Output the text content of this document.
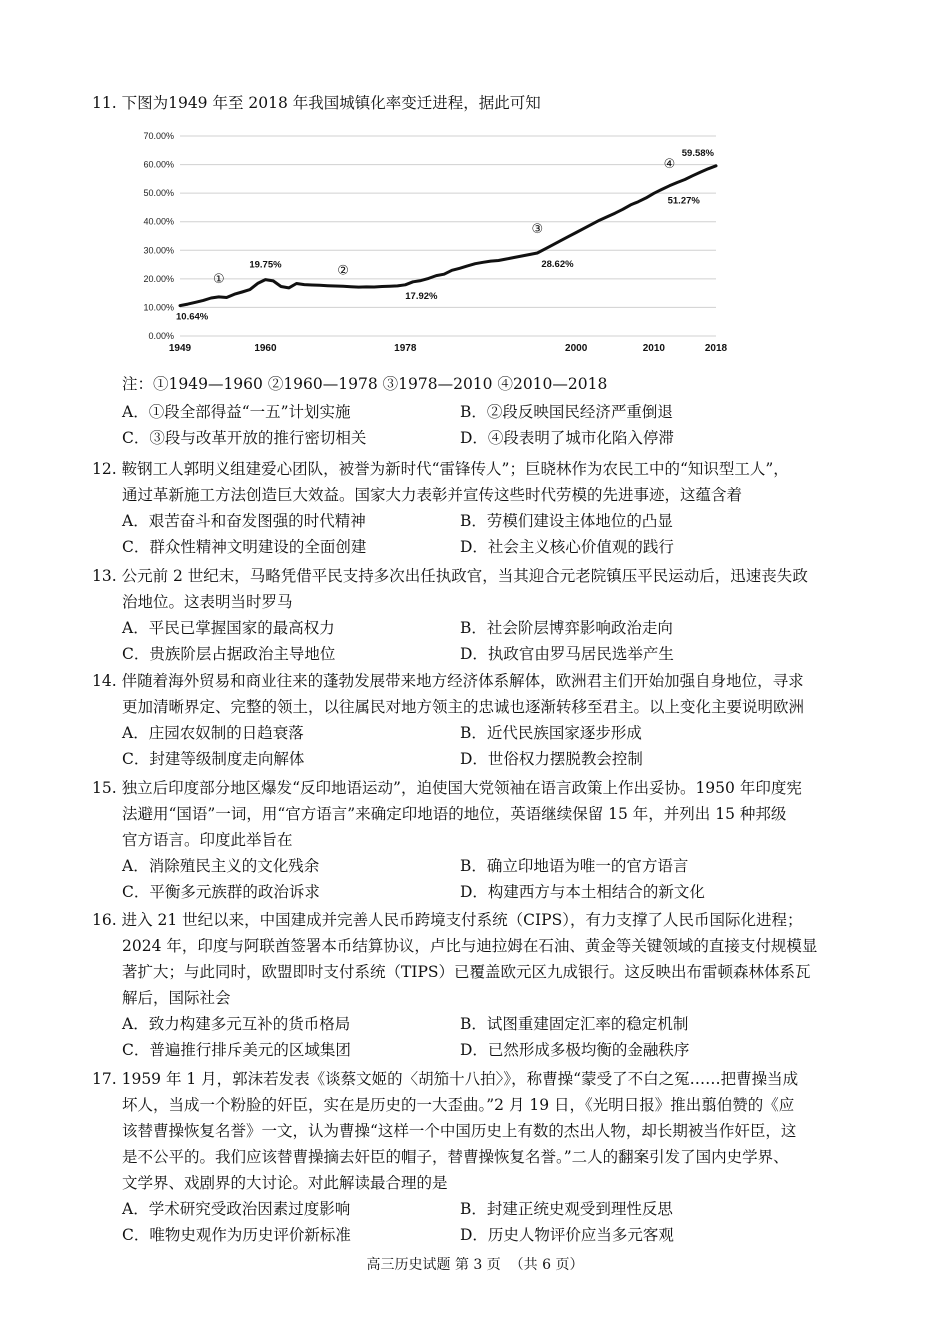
11. 下图为1949 年至 2018 年我国城镇化率变迁进程，据此可知
0.00%
10.00%
20.00%
30.00%
40.00%
50.00%
60.00%
70.00%
1949	1960	1978	2000	2010	2018
10.64%
19.75%
17.92%
28.62%
51.27%
59.58%
①
②
③
④
注：①1949—1960 ②1960—1978 ③1978—2010 ④2010—2018
A．①段全部得益“一五”计划实施	B．②段反映国民经济严重倒退
C．③段与改革开放的推行密切相关	D．④段表明了城市化陷入停滞
12. 鞍钢工人郭明义组建爱心团队，被誉为新时代“雷锋传人”；巨晓林作为农民工中的“知识型工人”，
通过革新施工方法创造巨大效益。国家大力表彰并宣传这些时代劳模的先进事迹，这蕴含着
A．艰苦奋斗和奋发图强的时代精神	B．劳模们建设主体地位的凸显
C．群众性精神文明建设的全面创建	D．社会主义核心价值观的践行
13. 公元前 2 世纪末，马略凭借平民支持多次出任执政官，当其迎合元老院镇压平民运动后，迅速丧失政
治地位。这表明当时罗马
A．平民已掌握国家的最高权力	B．社会阶层博弈影响政治走向
C．贵族阶层占据政治主导地位	D．执政官由罗马居民选举产生
14. 伴随着海外贸易和商业往来的蓬勃发展带来地方经济体系解体，欧洲君主们开始加强自身地位，寻求
更加清晰界定、完整的领土，以往属民对地方领主的忠诚也逐渐转移至君主。以上变化主要说明欧洲
A．庄园农奴制的日趋衰落	B．近代民族国家逐步形成
C．封建等级制度走向解体	D．世俗权力摆脱教会控制
15. 独立后印度部分地区爆发“反印地语运动”，迫使国大党领袖在语言政策上作出妥协。1950 年印度宪
法避用“国语”一词，用“官方语言”来确定印地语的地位，英语继续保留 15 年，并列出 15 种邦级
官方语言。印度此举旨在
A．消除殖民主义的文化残余	B．确立印地语为唯一的官方语言
C．平衡多元族群的政治诉求	D．构建西方与本土相结合的新文化
16. 进入 21 世纪以来，中国建成并完善人民币跨境支付系统（CIPS），有力支撑了人民币国际化进程；
2024 年，印度与阿联酋签署本币结算协议，卢比与迪拉姆在石油、黄金等关键领域的直接支付规模显
著扩大；与此同时，欧盟即时支付系统（TIPS）已覆盖欧元区九成银行。这反映出布雷顿森林体系瓦
解后，国际社会
A．致力构建多元互补的货币格局	B．试图重建固定汇率的稳定机制
C．普遍推行排斥美元的区域集团	D．已然形成多极均衡的金融秩序
17. 1959 年 1 月，郭沫若发表《谈蔡文姬的〈胡笳十八拍〉》，称曹操“蒙受了不白之冤……把曹操当成
坏人，当成一个粉脸的奸臣，实在是历史的一大歪曲。”2 月 19 日，《光明日报》推出翦伯赞的《应
该替曹操恢复名誉》一文，认为曹操“这样一个中国历史上有数的杰出人物，却长期被当作奸臣，这
是不公平的。我们应该替曹操摘去奸臣的帽子，替曹操恢复名誉。”二人的翻案引发了国内史学界、
文学界、戏剧界的大讨论。对此解读最合理的是
A．学术研究受政治因素过度影响	B．封建正统史观受到理性反思
C．唯物史观作为历史评价新标准	D．历史人物评价应当多元客观
高三历史试题 第 3 页  （共 6 页）
